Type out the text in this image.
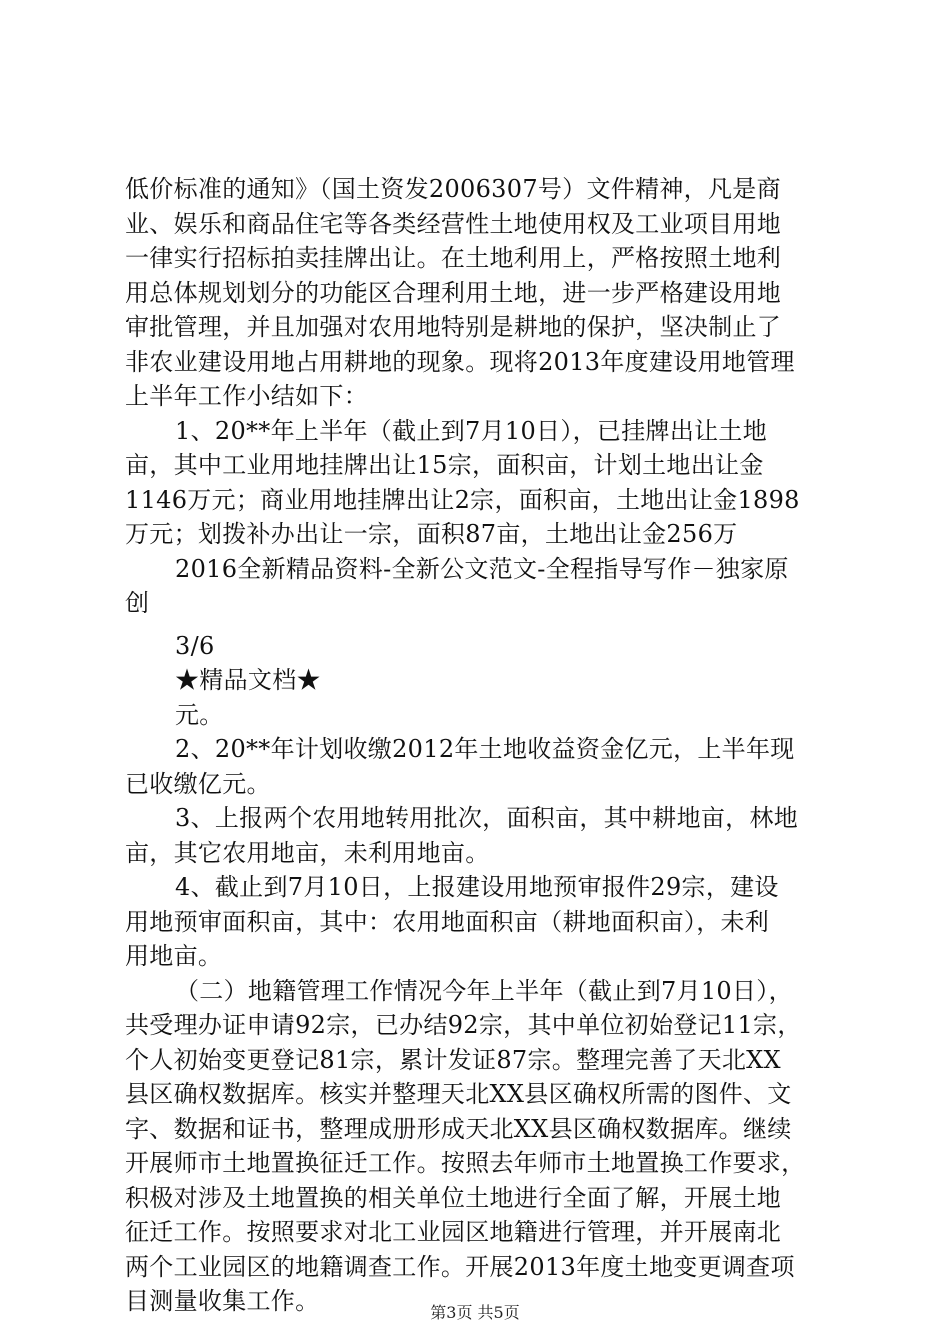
低价标准的通知》（国土资发2006307号）文件精神，凡是商
业、娱乐和商品住宅等各类经营性土地使用权及工业项目用地
一律实行招标拍卖挂牌出让。在土地利用上，严格按照土地利
用总体规划划分的功能区合理利用土地，进一步严格建设用地
审批管理，并且加强对农用地特别是耕地的保护，坚决制止了
非农业建设用地占用耕地的现象。现将2013年度建设用地管理
上半年工作小结如下：
1、20**年上半年（截止到7月10日），已挂牌出让土地
亩，其中工业用地挂牌出让15宗，面积亩，计划土地出让金
1146万元；商业用地挂牌出让2宗，面积亩，土地出让金1898
万元；划拨补办出让一宗，面积87亩，土地出让金256万
2016全新精品资料-全新公文范文-全程指导写作－独家原
创
3/6
★精品文档★
元。
2、20**年计划收缴2012年土地收益资金亿元，上半年现
已收缴亿元。
3、上报两个农用地转用批次，面积亩，其中耕地亩，林地
亩，其它农用地亩，未利用地亩。
4、截止到7月10日，上报建设用地预审报件29宗，建设
用地预审面积亩，其中：农用地面积亩（耕地面积亩），未利
用地亩。
（二）地籍管理工作情况今年上半年（截止到7月10日），
共受理办证申请92宗，已办结92宗，其中单位初始登记11宗，
个人初始变更登记81宗，累计发证87宗。整理完善了天北XX
县区确权数据库。核实并整理天北XX县区确权所需的图件、文
字、数据和证书，整理成册形成天北XX县区确权数据库。继续
开展师市土地置换征迁工作。按照去年师市土地置换工作要求，
积极对涉及土地置换的相关单位土地进行全面了解，开展土地
征迁工作。按照要求对北工业园区地籍进行管理，并开展南北
两个工业园区的地籍调查工作。开展2013年度土地变更调查项
目测量收集工作。	第3页 共5页
